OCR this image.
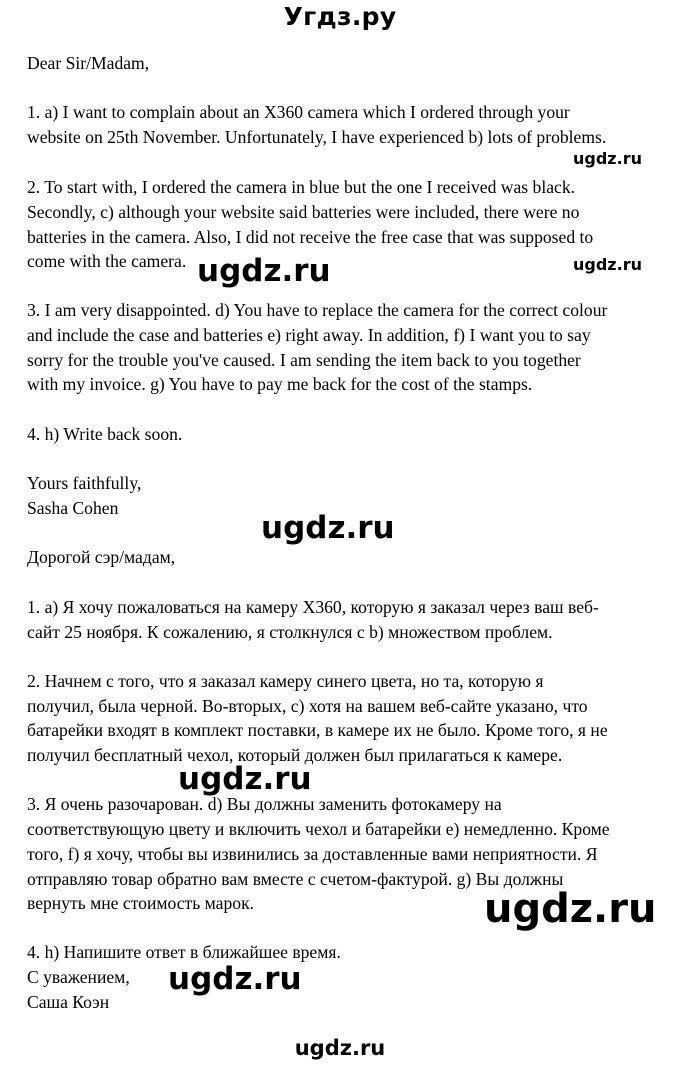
Угдз.ру
Dear Sir/Madam,
1. a) I want to complain about an X360 camera which I ordered through your
website on 25th November. Unfortunately, I have experienced b) lots of problems.
2. To start with, I ordered the camera in blue but the one I received was black.
Secondly, c) although your website said batteries were included, there were no
batteries in the camera. Also, I did not receive the free case that was supposed to
come with the camera.
3. I am very disappointed. d) You have to replace the camera for the correct colour
and include the case and batteries e) right away. In addition, f) I want you to say
sorry for the trouble you've caused. I am sending the item back to you together
with my invoice. g) You have to pay me back for the cost of the stamps.
4. h) Write back soon.
Yours faithfully,
Sasha Cohen
Дорогой сэр/мадам,
1. а) Я хочу пожаловаться на камеру X360, которую я заказал через ваш веб-
сайт 25 ноября. К сожалению, я столкнулся с b) множеством проблем.
2. Начнем с того, что я заказал камеру синего цвета, но та, которую я
получил, была черной. Во-вторых, с) хотя на вашем веб-сайте указано, что
батарейки входят в комплект поставки, в камере их не было. Кроме того, я не
получил бесплатный чехол, который должен был прилагаться к камере.
3. Я очень разочарован. d) Вы должны заменить фотокамеру на
соответствующую цвету и включить чехол и батарейки е) немедленно. Кроме
того, f) я хочу, чтобы вы извинились за доставленные вами неприятности. Я
отправляю товар обратно вам вместе с счетом-фактурой. g) Вы должны
вернуть мне стоимость марок.
4. h) Напишите ответ в ближайшее время.
С уважением,
Саша Коэн
ugdz.ru
ugdz.ru	ugdz.ru
ugdz.ru
ugdz.ru
ugdz.ru
ugdz.ru
ugdz.ru
